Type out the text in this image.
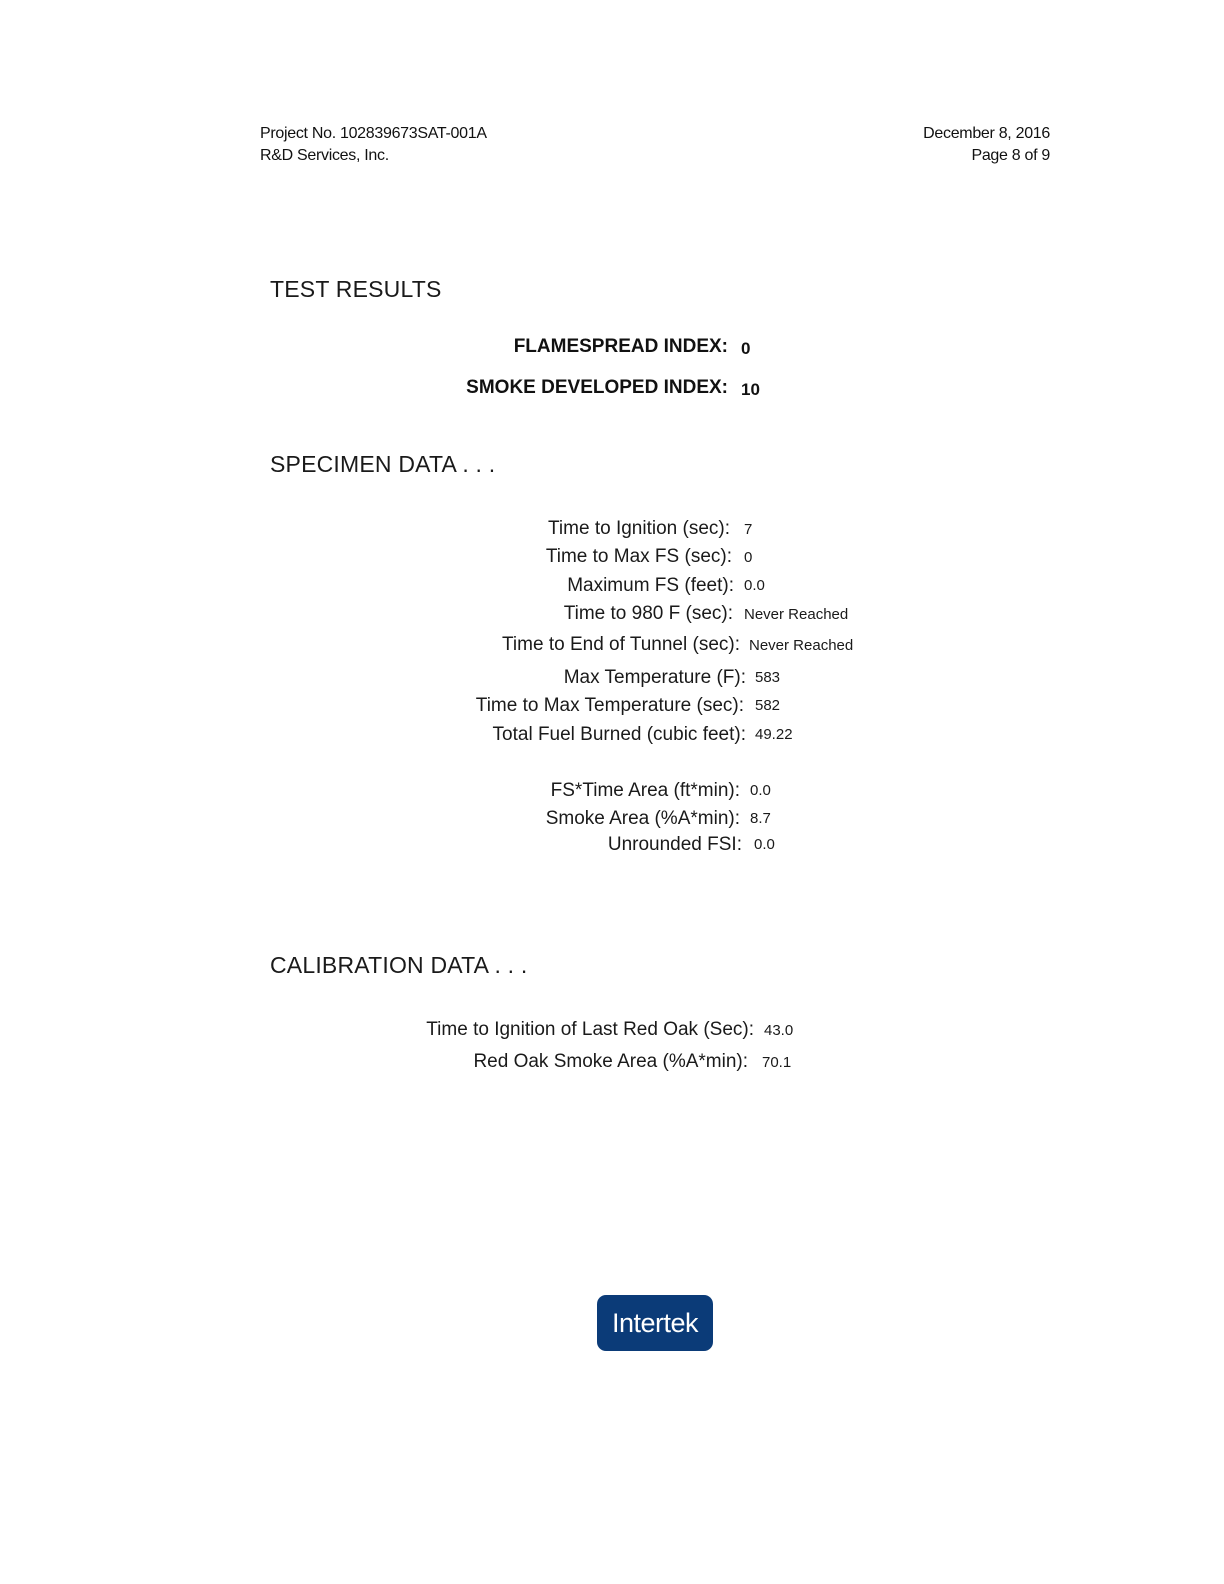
Project No. 102839673SAT-001A
R&D Services, Inc.
December 8, 2016
Page 8 of 9
TEST RESULTS
FLAMESPREAD INDEX: 0
SMOKE DEVELOPED INDEX: 10
SPECIMEN DATA . . .
Time to Ignition (sec): 7
Time to Max FS (sec): 0
Maximum FS (feet): 0.0
Time to 980 F (sec): Never Reached
Time to End of Tunnel (sec): Never Reached
Max Temperature (F): 583
Time to Max Temperature (sec): 582
Total Fuel Burned (cubic feet): 49.22
FS*Time Area (ft*min): 0.0
Smoke Area (%A*min): 8.7
Unrounded FSI: 0.0
CALIBRATION DATA . . .
Time to Ignition of Last Red Oak (Sec): 43.0
Red Oak Smoke Area (%A*min): 70.1
Intertek
